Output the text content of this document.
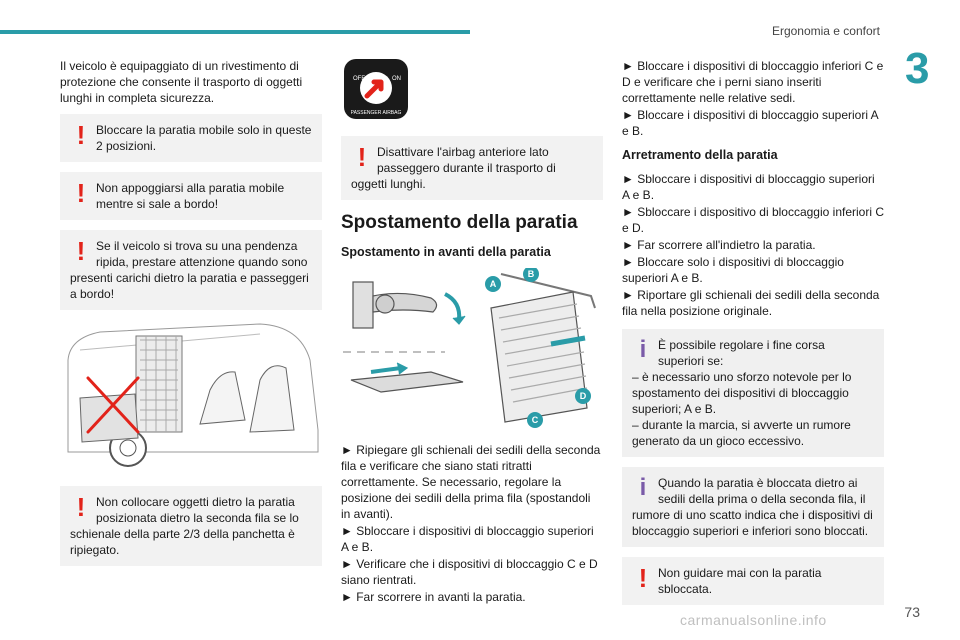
Ergonomia e confort
3

Il veicolo è equipaggiato di un rivestimento di protezione che consente il trasporto di oggetti lunghi in completa sicurezza.

! Bloccare la paratia mobile solo in queste 2 posizioni.
! Non appoggiarsi alla paratia mobile mentre si sale a bordo!
! Se il veicolo si trova su una pendenza ripida, prestare attenzione quando sono presenti carichi dietro la paratia e passeggeri a bordo!
! Non collocare oggetti dietro la paratia posizionata dietro la seconda fila se lo schienale della parte 2/3 della panchetta è ripiegato.
OFF	ON
PASSENGER AIRBAG
! Disattivare l'airbag anteriore lato passeggero durante il trasporto di oggetti lunghi.
Spostamento della paratia
Spostamento in avanti della paratia
A
B
C
D

► Ripiegare gli schienali dei sedili della seconda fila e verificare che siano stati ritratti correttamente. Se necessario, regolare la posizione dei sedili della prima fila (spostandoli in avanti).

► Sbloccare i dispositivi di bloccaggio superiori A e B.

► Verificare che i dispositivi di bloccaggio C e D siano rientrati.

► Far scorrere in avanti la paratia.

► Bloccare i dispositivi di bloccaggio inferiori C e D e verificare che i perni siano inseriti correttamente nelle relative sedi.

► Bloccare i dispositivi di bloccaggio superiori A e B.

Arretramento della paratia

► Sbloccare i dispositivi di bloccaggio superiori A e B.

► Sbloccare i dispositivo di bloccaggio inferiori C e D.

► Far scorrere all'indietro la paratia.

► Bloccare solo i dispositivi di bloccaggio superiori A e B.

► Riportare gli schienali dei sedili della seconda fila nella posizione originale.

i È possibile regolare i fine corsa superiori se:
– è necessario uno sforzo notevole per lo spostamento dei dispositivi di bloccaggio superiori; A e B.
– durante la marcia, si avverte un rumore generato da un gioco eccessivo.
i Quando la paratia è bloccata dietro ai sedili della prima o della seconda fila, il rumore di uno scatto indica che i dispositivi di bloccaggio superiori e inferiori sono bloccati.
! Non guidare mai con la paratia sbloccata.
carmanualsonline.info	73
